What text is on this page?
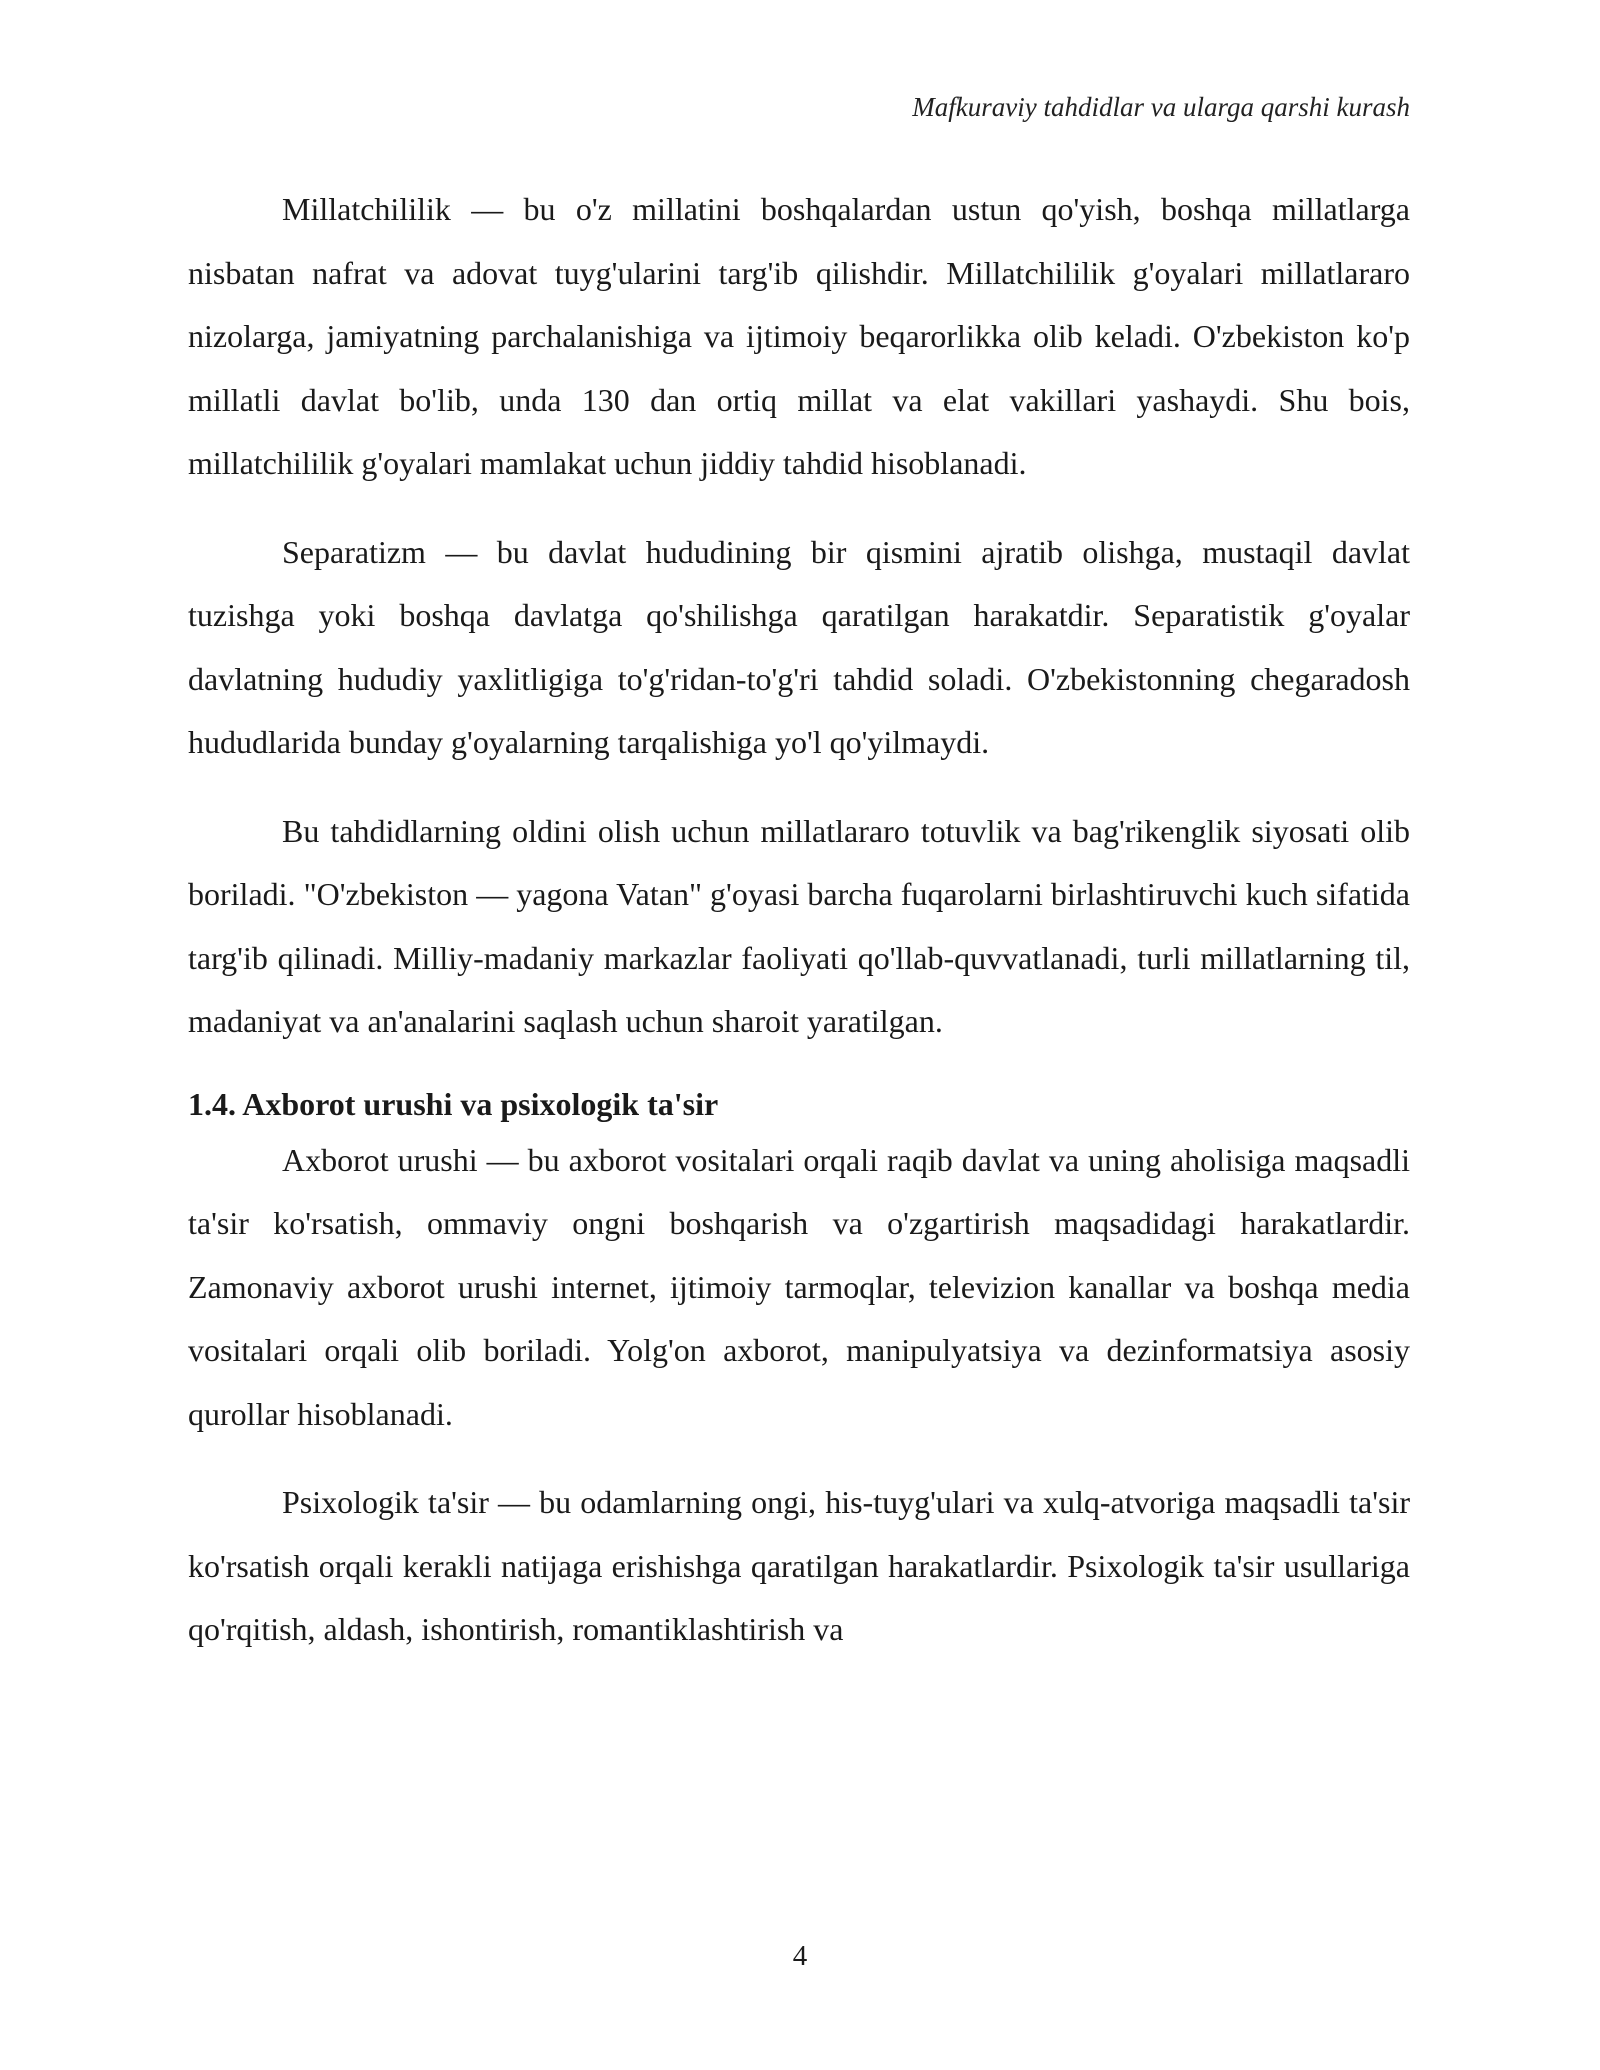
Mafkuraviy tahdidlar va ularga qarshi kurash

Millatchililik — bu o'z millatini boshqalardan ustun qo'yish, boshqa millatlarga nisbatan nafrat va adovat tuyg'ularini targ'ib qilishdir. Millatchililik g'oyalari millatlararo nizolarga, jamiyatning parchalanishiga va ijtimoiy beqarorlikka olib keladi. O'zbekiston ko'p millatli davlat bo'lib, unda 130 dan ortiq millat va elat vakillari yashaydi. Shu bois, millatchililik g'oyalari mamlakat uchun jiddiy tahdid hisoblanadi.

Separatizm — bu davlat hududining bir qismini ajratib olishga, mustaqil davlat tuzishga yoki boshqa davlatga qo'shilishga qaratilgan harakatdir. Separatistik g'oyalar davlatning hududiy yaxlitligiga to'g'ridan-to'g'ri tahdid soladi. O'zbekistonning chegaradosh hududlarida bunday g'oyalarning tarqalishiga yo'l qo'yilmaydi.

Bu tahdidlarning oldini olish uchun millatlararo totuvlik va bag'rikenglik siyosati olib boriladi. "O'zbekiston — yagona Vatan" g'oyasi barcha fuqarolarni birlashtiruvchi kuch sifatida targ'ib qilinadi. Milliy-madaniy markazlar faoliyati qo'llab-quvvatlanadi, turli millatlarning til, madaniyat va an'analarini saqlash uchun sharoit yaratilgan.

1.4. Axborot urushi va psixologik ta'sir

Axborot urushi — bu axborot vositalari orqali raqib davlat va uning aholisiga maqsadli ta'sir ko'rsatish, ommaviy ongni boshqarish va o'zgartirish maqsadidagi harakatlardir. Zamonaviy axborot urushi internet, ijtimoiy tarmoqlar, televizion kanallar va boshqa media vositalari orqali olib boriladi. Yolg'on axborot, manipulyatsiya va dezinformatsiya asosiy qurollar hisoblanadi.

Psixologik ta'sir — bu odamlarning ongi, his-tuyg'ulari va xulq-atvoriga maqsadli ta'sir ko'rsatish orqali kerakli natijaga erishishga qaratilgan harakatlardir. Psixologik ta'sir usullariga qo'rqitish, aldash, ishontirish, romantiklashtirish va

4
